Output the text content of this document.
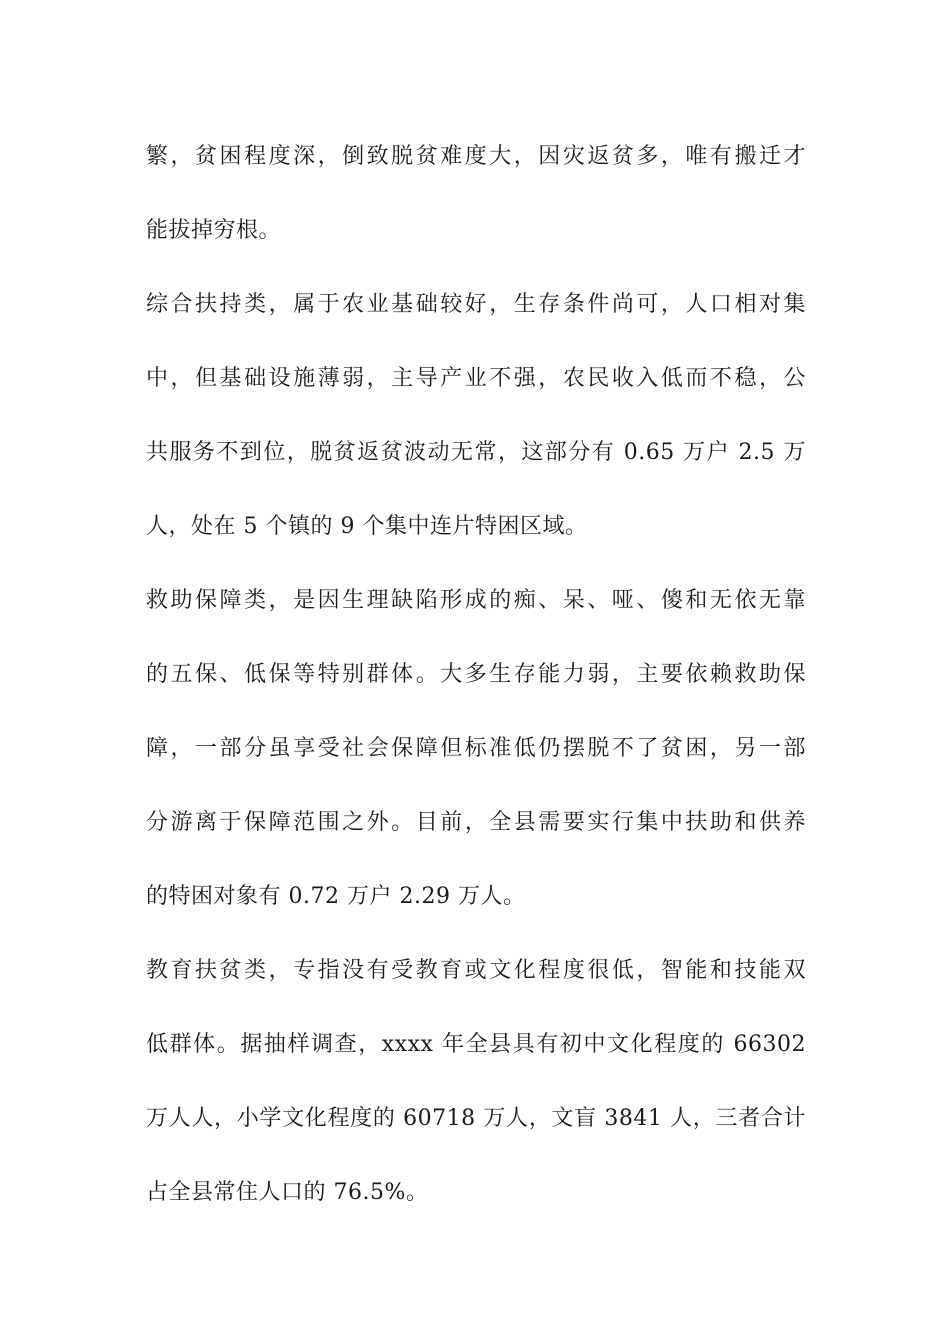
繁，贫困程度深，倒致脱贫难度大，因灾返贫多，唯有搬迁才
能拔掉穷根。
综合扶持类，属于农业基础较好，生存条件尚可，人口相对集
中，但基础设施薄弱，主导产业不强，农民收入低而不稳，公
共服务不到位，脱贫返贫波动无常，这部分有 0.65 万户 2.5 万
人，处在 5 个镇的 9 个集中连片特困区域。
救助保障类，是因生理缺陷形成的痴、呆、哑、傻和无依无靠
的五保、低保等特别群体。大多生存能力弱，主要依赖救助保
障，一部分虽享受社会保障但标准低仍摆脱不了贫困，另一部
分游离于保障范围之外。目前，全县需要实行集中扶助和供养
的特困对象有 0.72 万户 2.29 万人。
教育扶贫类，专指没有受教育或文化程度很低，智能和技能双
低群体。据抽样调查，xxxx 年全县具有初中文化程度的 66302
万人人，小学文化程度的 60718 万人，文盲 3841 人，三者合计
占全县常住人口的 76.5%。
